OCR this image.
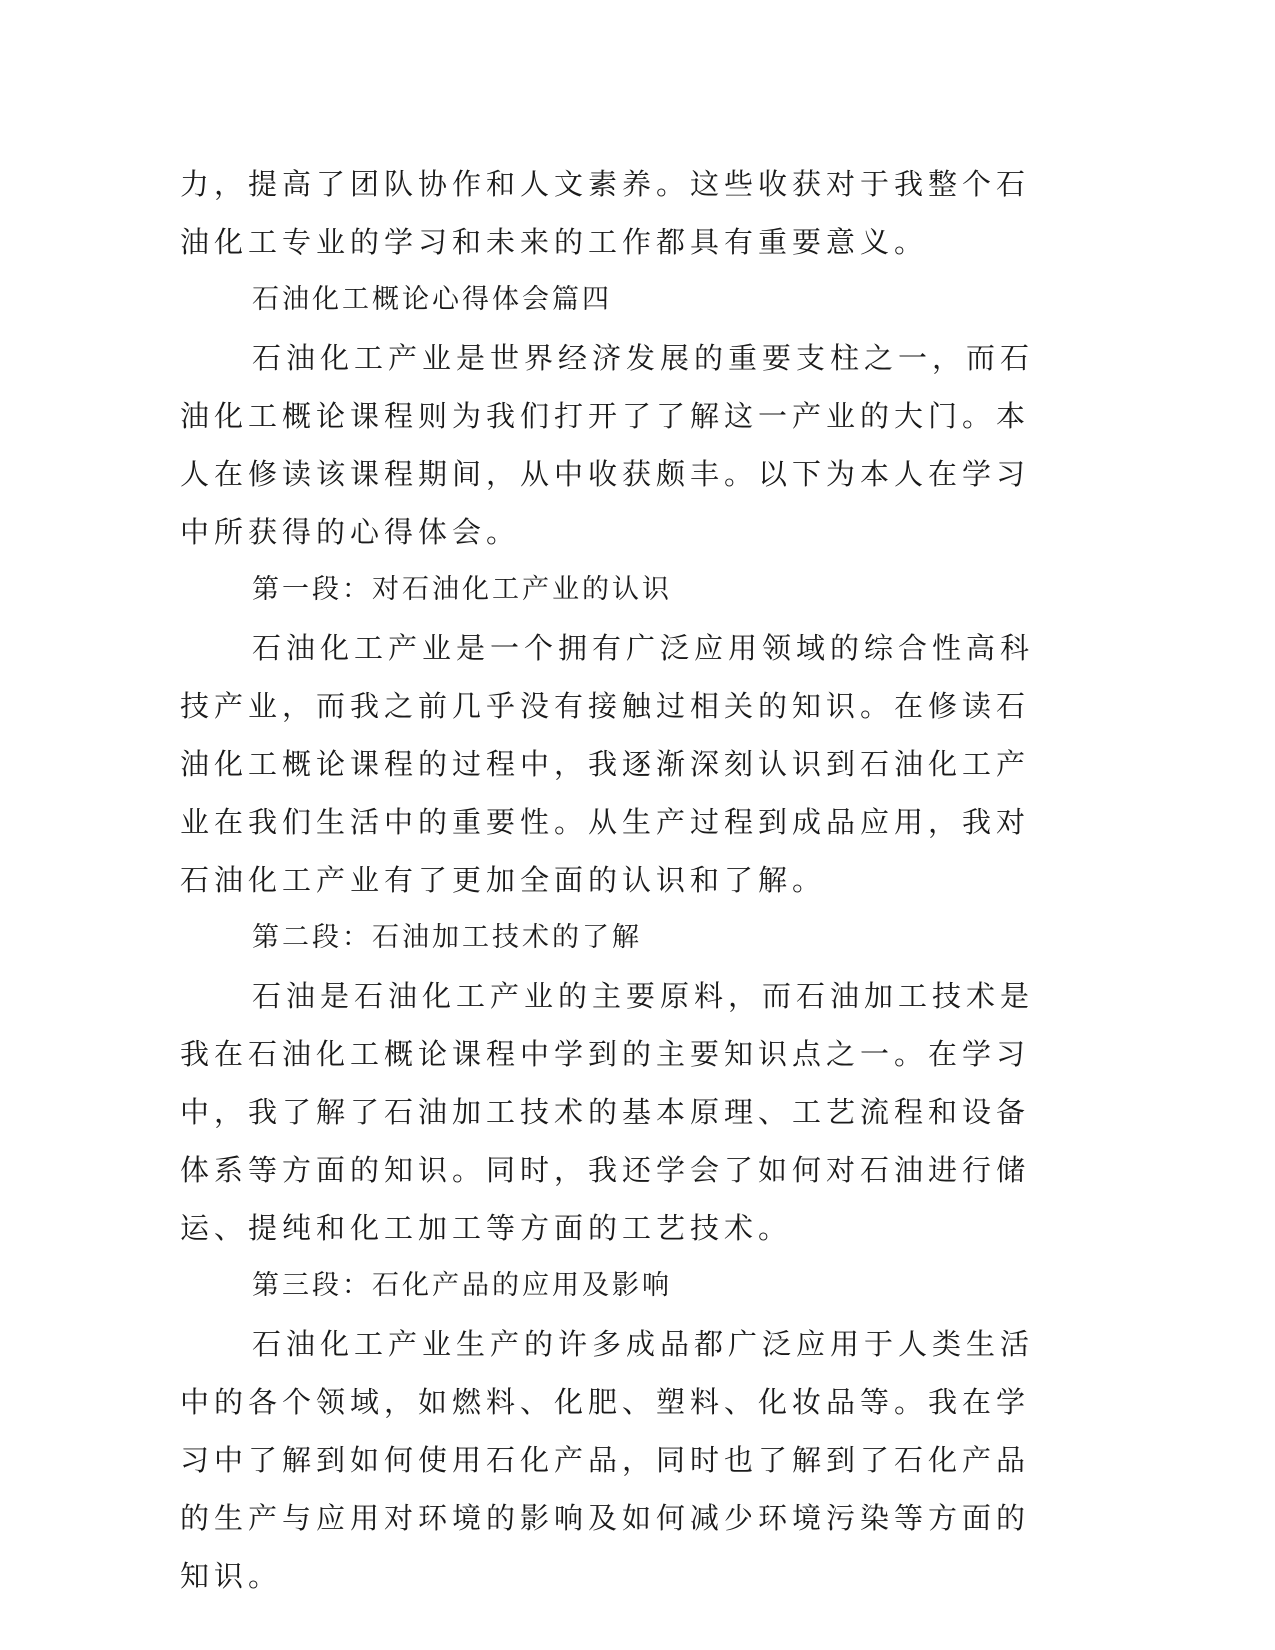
力，提高了团队协作和人文素养。这些收获对于我整个石油化工专业的学习和未来的工作都具有重要意义。

石油化工概论心得体会篇四

石油化工产业是世界经济发展的重要支柱之一，而石油化工概论课程则为我们打开了了解这一产业的大门。本人在修读该课程期间，从中收获颇丰。以下为本人在学习中所获得的心得体会。

第一段：对石油化工产业的认识

石油化工产业是一个拥有广泛应用领域的综合性高科技产业，而我之前几乎没有接触过相关的知识。在修读石油化工概论课程的过程中，我逐渐深刻认识到石油化工产业在我们生活中的重要性。从生产过程到成品应用，我对石油化工产业有了更加全面的认识和了解。

第二段：石油加工技术的了解

石油是石油化工产业的主要原料，而石油加工技术是我在石油化工概论课程中学到的主要知识点之一。在学习中，我了解了石油加工技术的基本原理、工艺流程和设备体系等方面的知识。同时，我还学会了如何对石油进行储运、提纯和化工加工等方面的工艺技术。

第三段：石化产品的应用及影响

石油化工产业生产的许多成品都广泛应用于人类生活中的各个领域，如燃料、化肥、塑料、化妆品等。我在学习中了解到如何使用石化产品，同时也了解到了石化产品的生产与应用对环境的影响及如何减少环境污染等方面的知识。
